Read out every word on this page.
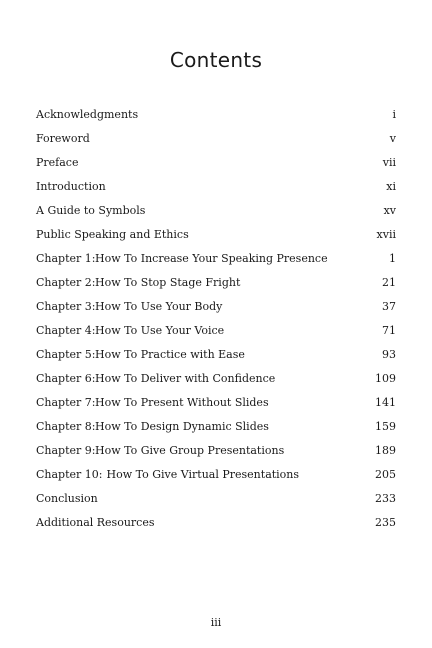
Contents
Acknowledgments	i
Foreword	v
Preface	vii
Introduction	xi
A Guide to Symbols	xv
Public Speaking and Ethics	xvii
Chapter 1: How To Increase Your Speaking Presence	1
Chapter 2: How To Stop Stage Fright	21
Chapter 3: How To Use Your Body	37
Chapter 4: How To Use Your Voice	71
Chapter 5: How To Practice with Ease	93
Chapter 6: How To Deliver with Confidence	109
Chapter 7: How To Present Without Slides	141
Chapter 8: How To Design Dynamic Slides	159
Chapter 9: How To Give Group Presentations	189
Chapter 10: How To Give Virtual Presentations	205
Conclusion	233
Additional Resources	235
iii
